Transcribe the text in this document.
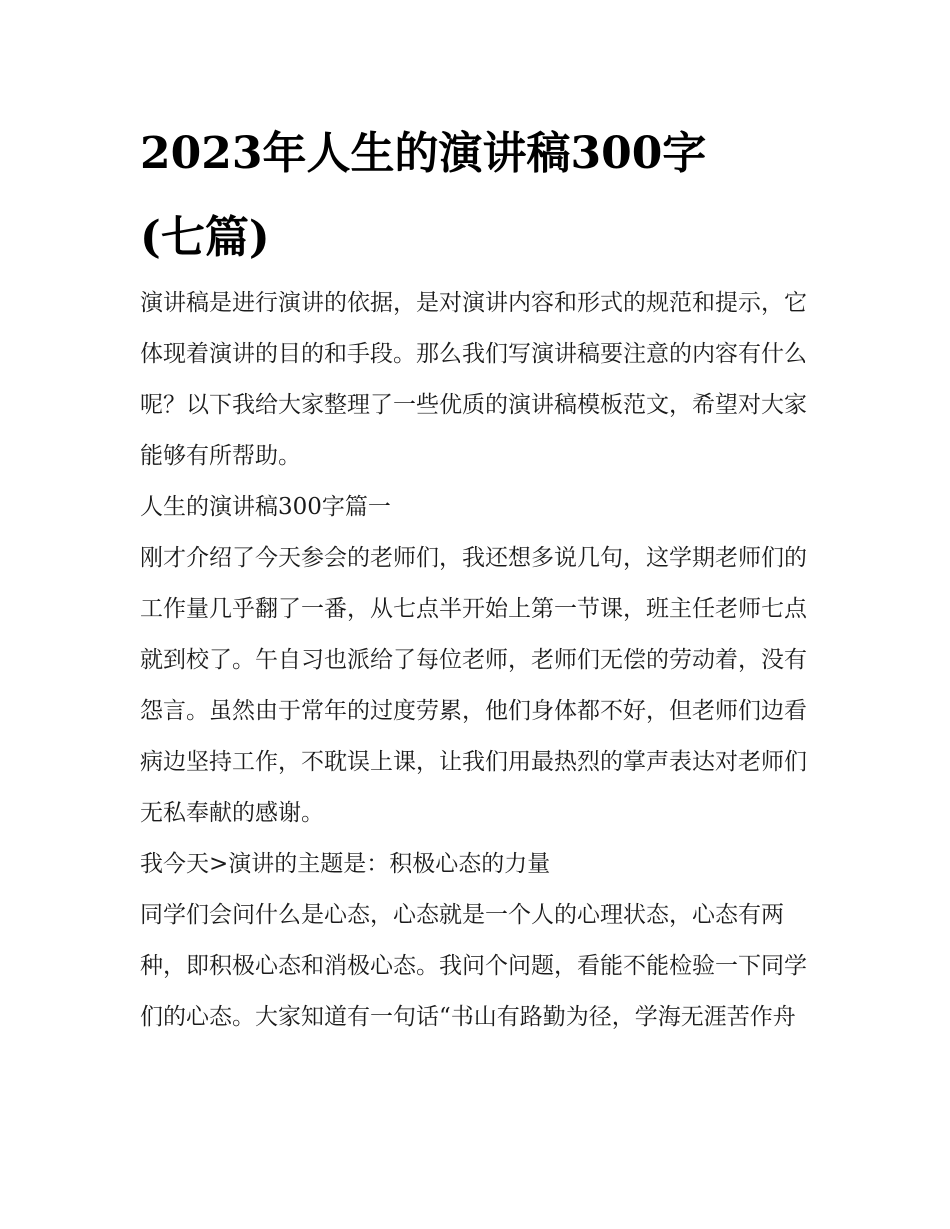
2023年人生的演讲稿300字
(七篇)

演讲稿是进行演讲的依据，是对演讲内容和形式的规范和提示，它体现着演讲的目的和手段。那么我们写演讲稿要注意的内容有什么呢？以下我给大家整理了一些优质的演讲稿模板范文，希望对大家能够有所帮助。

人生的演讲稿300字篇一

刚才介绍了今天参会的老师们，我还想多说几句，这学期老师们的工作量几乎翻了一番，从七点半开始上第一节课，班主任老师七点就到校了。午自习也派给了每位老师，老师们无偿的劳动着，没有怨言。虽然由于常年的过度劳累，他们身体都不好，但老师们边看病边坚持工作，不耽误上课，让我们用最热烈的掌声表达对老师们无私奉献的感谢。

我今天>演讲的主题是：积极心态的力量

同学们会问什么是心态，心态就是一个人的心理状态，心态有两种，即积极心态和消极心态。我问个问题，看能不能检验一下同学们的心态。大家知道有一句话“书山有路勤为径，学海无涯苦作舟
